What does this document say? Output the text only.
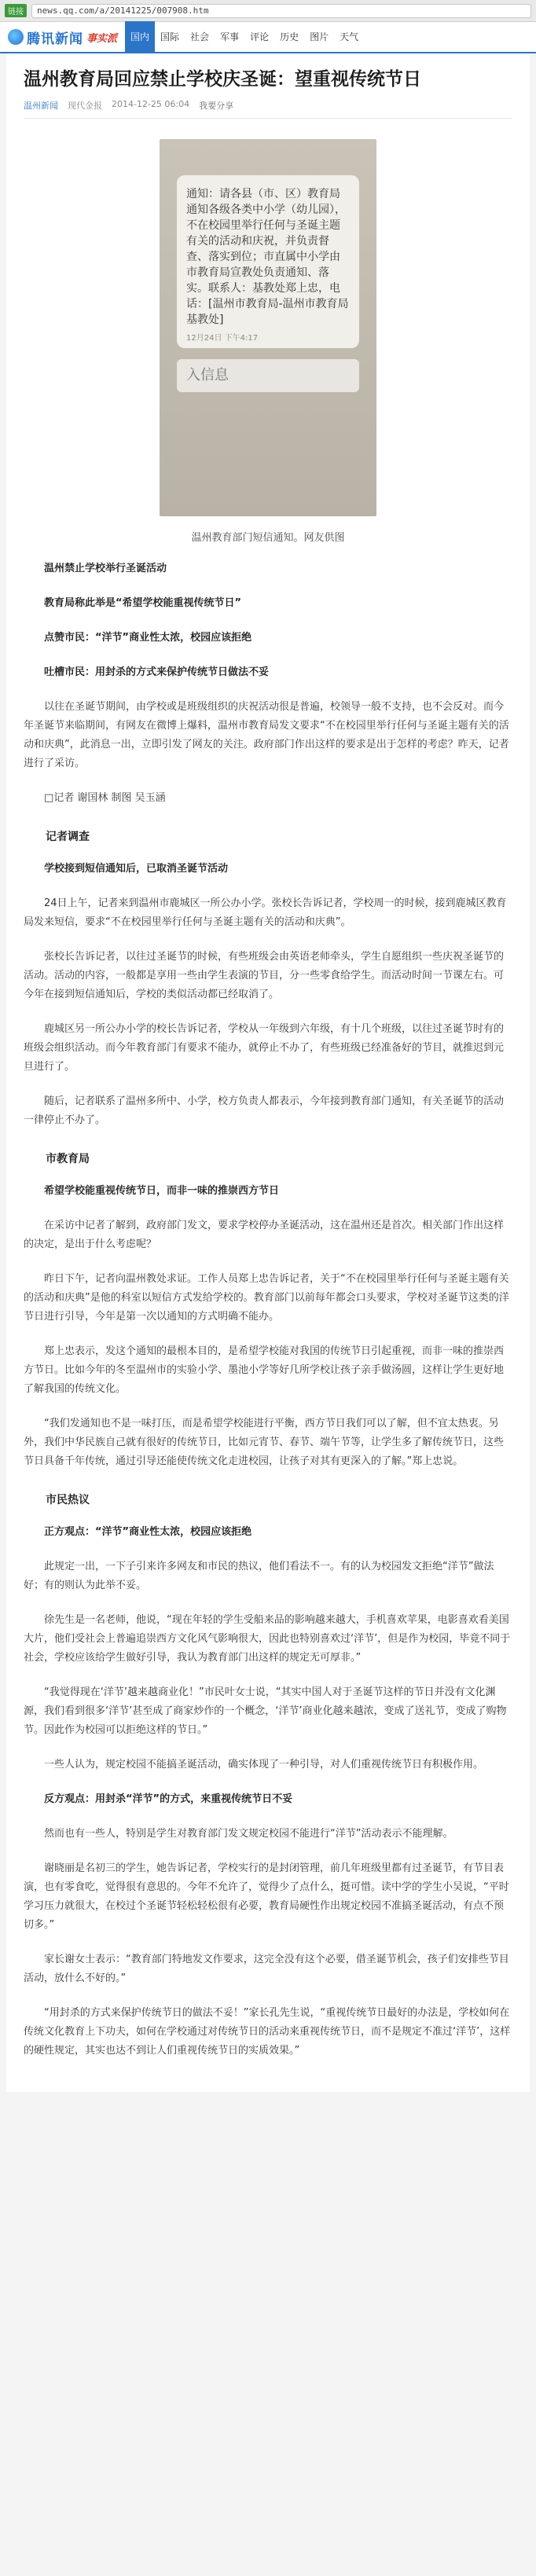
链接	news.qq.com/a/20141225/007908.htm
腾讯新闻 事实派	国内	国际	社会	军事	评论	历史	图片	天气
温州教育局回应禁止学校庆圣诞：望重视传统节日
温州新闻 现代金报 2014-12-25 06:04 我要分享
通知：请各县（市、区）教育局通知各级各类中小学（幼儿园），不在校园里举行任何与圣诞主题有关的活动和庆祝，并负责督查、落实到位；市直属中小学由市教育局宣教处负责通知、落实。联系人：基教处郑上忠，电话：[温州市教育局-温州市教育局基教处]
12月24日 下午4:17
入信息
温州教育部门短信通知。网友供图

温州禁止学校举行圣诞活动

教育局称此举是“希望学校能重视传统节日”

点赞市民：“洋节”商业性太浓，校园应该拒绝

吐槽市民：用封杀的方式来保护传统节日做法不妥

以往在圣诞节期间，由学校或是班级组织的庆祝活动很是普遍，校领导一般不支持，也不会反对。而今年圣诞节来临期间，有网友在微博上爆料，温州市教育局发文要求“不在校园里举行任何与圣诞主题有关的活动和庆典”，此消息一出，立即引发了网友的关注。政府部门作出这样的要求是出于怎样的考虑？昨天，记者进行了采访。

□记者 谢国林 制图 吴玉涵

记者调查

学校接到短信通知后，已取消圣诞节活动

24日上午，记者来到温州市鹿城区一所公办小学。张校长告诉记者，学校周一的时候，接到鹿城区教育局发来短信，要求“不在校园里举行任何与圣诞主题有关的活动和庆典”。

张校长告诉记者，以往过圣诞节的时候，有些班级会由英语老师牵头，学生自愿组织一些庆祝圣诞节的活动。活动的内容，一般都是享用一些由学生表演的节目，分一些零食给学生。而活动时间一节课左右。可今年在接到短信通知后，学校的类似活动都已经取消了。

鹿城区另一所公办小学的校长告诉记者，学校从一年级到六年级，有十几个班级，以往过圣诞节时有的班级会组织活动。而今年教育部门有要求不能办，就停止不办了，有些班级已经准备好的节目，就推迟到元旦进行了。

随后，记者联系了温州多所中、小学，校方负责人都表示，今年接到教育部门通知，有关圣诞节的活动一律停止不办了。

市教育局

希望学校能重视传统节日，而非一味的推崇西方节日

在采访中记者了解到，政府部门发文，要求学校停办圣诞活动，这在温州还是首次。相关部门作出这样的决定，是出于什么考虑呢？

昨日下午，记者向温州教处求证。工作人员郑上忠告诉记者，关于“不在校园里举行任何与圣诞主题有关的活动和庆典”是他的科室以短信方式发给学校的。教育部门以前每年都会口头要求，学校对圣诞节这类的洋节日进行引导，今年是第一次以通知的方式明确不能办。

郑上忠表示，发这个通知的最根本目的，是希望学校能对我国的传统节日引起重视，而非一味的推崇西方节日。比如今年的冬至温州市的实验小学、墨池小学等好几所学校让孩子亲手做汤圆，这样让学生更好地了解我国的传统文化。

“我们发通知也不是一味打压，而是希望学校能进行平衡，西方节日我们可以了解，但不宜太热衷。另外，我们中华民族自己就有很好的传统节日，比如元宵节、春节、端午节等，让学生多了解传统节日，这些节日具备千年传统，通过引导还能使传统文化走进校园，让孩子对其有更深入的了解。”郑上忠说。

市民热议

正方观点：“洋节”商业性太浓，校园应该拒绝

此规定一出，一下子引来许多网友和市民的热议，他们看法不一。有的认为校园发文拒绝“洋节”做法好；有的则认为此举不妥。

徐先生是一名老师，他说，“现在年轻的学生受船来品的影响越来越大，手机喜欢苹果，电影喜欢看美国大片，他们受社会上普遍追崇西方文化风气影响很大，因此也特别喜欢过‘洋节’，但是作为校园，毕竟不同于社会，学校应该给学生做好引导，我认为教育部门出这样的规定无可厚非。”

“我觉得现在‘洋节’越来越商业化！”市民叶女士说，“其实中国人对于圣诞节这样的节日并没有文化渊源，我们看到很多‘洋节’甚至成了商家炒作的一个概念，‘洋节’商业化越来越浓，变成了送礼节，变成了购物节。因此作为校园可以拒绝这样的节日。”

一些人认为，规定校园不能搞圣诞活动，确实体现了一种引导，对人们重视传统节日有积极作用。

反方观点：用封杀“洋节”的方式，来重视传统节日不妥

然而也有一些人，特别是学生对教育部门发文规定校园不能进行“洋节”活动表示不能理解。

谢晓丽是名初三的学生，她告诉记者，学校实行的是封闭管理，前几年班级里都有过圣诞节，有节目表演，也有零食吃，觉得很有意思的。今年不允许了，觉得少了点什么，挺可惜。读中学的学生小吴说，“平时学习压力就很大，在校过个圣诞节轻松轻松很有必要，教育局硬性作出规定校园不准搞圣诞活动，有点不预切多。”

家长谢女士表示：“教育部门特地发文作要求，这完全没有这个必要，借圣诞节机会，孩子们安排些节目活动，放什么不好的。”

“用封杀的方式来保护传统节日的做法不妥！”家长孔先生说，“重视传统节日最好的办法是，学校如何在传统文化教育上下功夫，如何在学校通过对传统节日的活动来重视传统节日，而不是规定不准过‘洋节’，这样的硬性规定，其实也达不到让人们重视传统节日的实质效果。”
